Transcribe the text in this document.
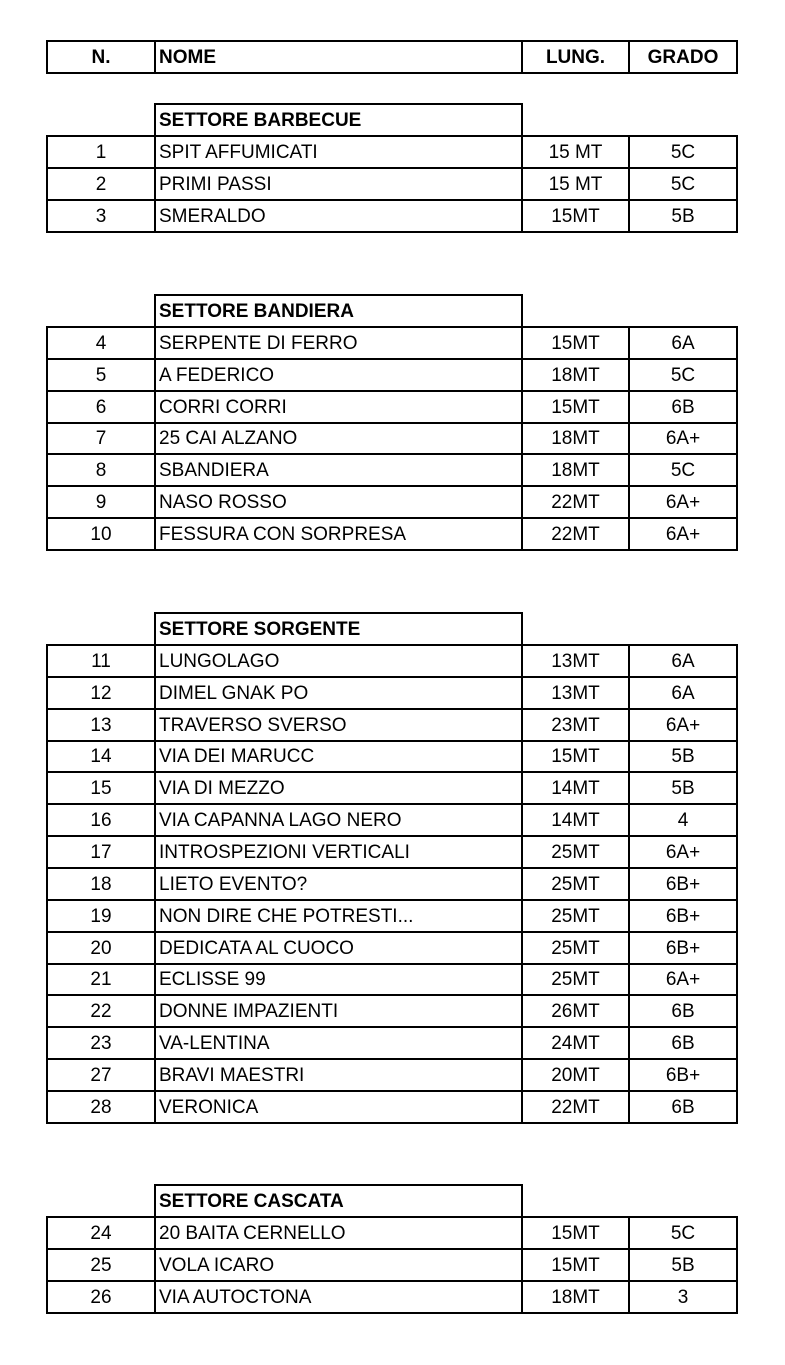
N.	NOME	LUNG.	GRADO
SETTORE BARBECUE
1	SPIT AFFUMICATI	15 MT	5C
2	PRIMI PASSI	15 MT	5C
3	SMERALDO	15MT	5B
SETTORE BANDIERA
4	SERPENTE DI FERRO	15MT	6A
5	A FEDERICO	18MT	5C
6	CORRI CORRI	15MT	6B
7	25 CAI ALZANO	18MT	6A+
8	SBANDIERA	18MT	5C
9	NASO ROSSO	22MT	6A+
10	FESSURA CON SORPRESA	22MT	6A+
SETTORE SORGENTE
11	LUNGOLAGO	13MT	6A
12	DIMEL GNAK PO	13MT	6A
13	TRAVERSO SVERSO	23MT	6A+
14	VIA DEI MARUCC	15MT	5B
15	VIA DI MEZZO	14MT	5B
16	VIA CAPANNA LAGO NERO	14MT	4
17	INTROSPEZIONI VERTICALI	25MT	6A+
18	LIETO EVENTO?	25MT	6B+
19	NON DIRE CHE POTRESTI...	25MT	6B+
20	DEDICATA AL CUOCO	25MT	6B+
21	ECLISSE 99	25MT	6A+
22	DONNE IMPAZIENTI	26MT	6B
23	VA-LENTINA	24MT	6B
27	BRAVI MAESTRI	20MT	6B+
28	VERONICA	22MT	6B
SETTORE CASCATA
24	20 BAITA CERNELLO	15MT	5C
25	VOLA ICARO	15MT	5B
26	VIA AUTOCTONA	18MT	3
